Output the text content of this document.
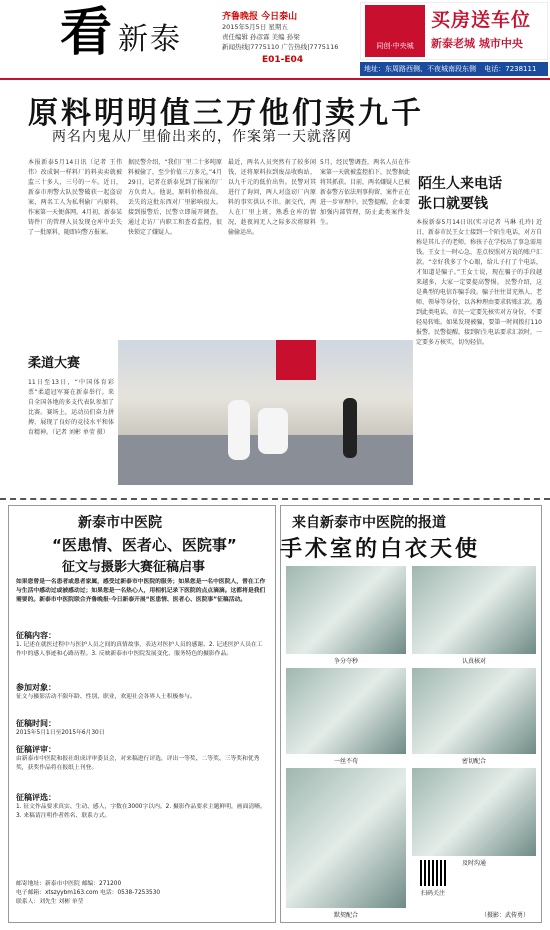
看 新泰
齐鲁晚报 今日泰山
2015年5月5日 星期五
责任编辑 孙彦霖 美编 孙梁
新闻热线|7775110 广告热线|7775116
E01-E04
同创·中央城
买房送车位
新泰老城 城市中央
地址：东周路西侧、不夜城南段东侧 电话：7238111
原料明明值三万他们卖九千
两名内鬼从厂里偷出来的，作案第一天就落网
本报新泰5月14日讯（记者 王伟伟）改成铜一样料厂的料卖卖就被监三十多人，三号的一车。近日，新泰市刑警大队民警破获一起盗窃案，两名工人为私利偷厂内原料，作案第一天便落网。4月初，新泰某铸件厂的管理人员发现仓库中丢失了一批原料，随即向警方报案。
据民警介绍，“我们厂里二十多吨原料被偷了，至少价值三万多元，”4月29日，记者在新泰见到了报案的厂方负责人。他说，原料价格很高，丢失的这批东西对厂里影响很大。接到报警后，民警立即展开调查，通过走访厂内职工和查看监控，很快锁定了嫌疑人。
最近，两名人员突然有了较多闲钱，还将原料拉到废品收购站，以九千元的低价出售。民警对其进行了询问，两人对盗窃厂内原料的事实供认不讳。据交代，两人在厂里上班，熟悉仓库的情况，趁夜间无人之际多次将原料偷偷运出。
5月，经民警调查，两名人员在作案第一天就被监控拍下，民警据此将其抓获。目前，两名嫌疑人已被新泰警方依法刑事拘留，案件正在进一步审理中。民警提醒，企业要加强内部管理，防止此类案件发生。
陌生人来电话
张口就要钱
本报新泰5月14日讯(实习记者 马琳 孔玲) 近日，新泰市民王女士接到一个陌生电话，对方自称是其儿子的老师，称孩子在学校出了事急需用钱。王女士一时心急，差点按照对方说的账户汇款。“幸好我多了个心眼，给儿子打了个电话，才知道是骗子。”王女士说，现在骗子的手段越来越多，大家一定要提高警惕。 民警介绍，这是典型的电信诈骗手段。骗子往往冒充熟人、老师、领导等身份，以各种理由要求转账汇款。遇到此类电话，市民一定要先核实对方身份，不要轻易转账。如果发现被骗，要第一时间拨打110报警。民警提醒，接到陌生电话要求汇款时，一定要多方核实，切勿轻信。
柔道大赛
11日至13日，“中国体育彩票”柔道冠军赛在新泰举行。来自全国各地的多支代表队参加了比赛。赛场上，运动员们奋力拼搏，展现了良好的竞技水平和体育精神。（记者 刘彬 单莹 摄）
新泰市中医院
“医患情、医者心、医院事”
征文与摄影大赛征稿启事
如果您曾是一名患者或患者家属，感受过新泰市中医院的服务；如果您是一名中医院人，曾在工作与生活中感动过或被感动过；如果您是一名热心人，用相机记录下医院的点点滴滴。这都将是我们需要的。新泰市中医院联合齐鲁晚报·今日新泰开展“医患情、医者心、医院事”征稿活动。
征稿内容：
1. 记述在就医过程中与医护人员之间的真情故事，表达对医护人员的感谢。2. 记述医护人员在工作中的感人事迹和心路历程。3. 反映新泰市中医院发展变化、服务特色的摄影作品。
参加对象：
征文与摄影活动不限年龄、性别、职业，欢迎社会各界人士积极参与。
征稿时间：
2015年5月1日至2015年6月30日
征稿评审：
由新泰市中医院和报社组成评审委员会，对来稿进行评选，评出一等奖、二等奖、三等奖和优秀奖，获奖作品将在报纸上刊登。
征稿评选：
1. 征文作品要求真实、生动、感人，字数在3000字以内。2. 摄影作品要求主题鲜明，画面清晰。3. 来稿请注明作者姓名、联系方式。
邮寄地址：新泰市中医院 邮编：271200
电子邮箱：xtszyybm163.com 电话：0538-7253530
联系人：刘先生 刘彬 单莹
来自新泰市中医院的报道
手术室的白衣天使
争分夺秒	认真核对
一丝不苟	密切配合
默契配合
及时沟通
扫码关注
（摄影：武传勇）
